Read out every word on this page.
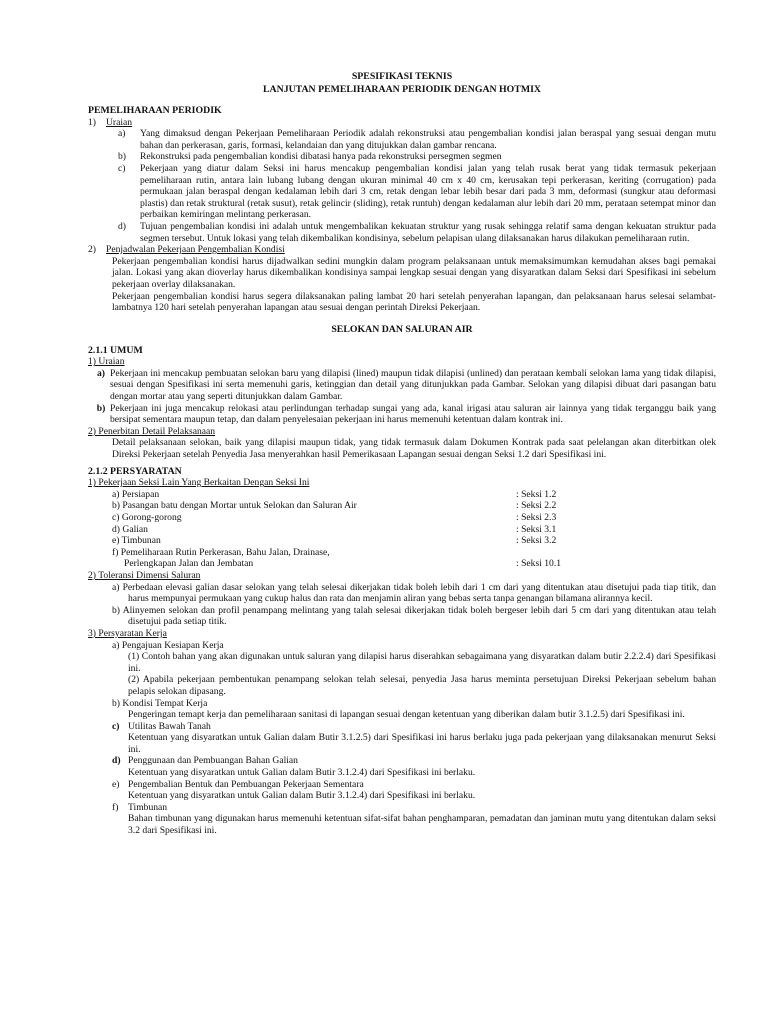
SPESIFIKASI TEKNIS
LANJUTAN PEMELIHARAAN PERIODIK DENGAN HOTMIX
PEMELIHARAAN PERIODIK
1)	Uraian
a)	Yang dimaksud dengan Pekerjaan Pemeliharaan Periodik adalah rekonstruksi atau pengembalian kondisi jalan beraspal yang sesuai dengan mutu bahan dan perkerasan, garis, formasi, kelandaian dan yang ditujukkan dalan gambar rencana.
b)	Rekonstruksi pada pengembalian kondisi dibatasi hanya pada rekonstruksi persegmen segmen
c)	Pekerjaan yang diatur dalam Seksi ini harus mencakup pengembalian kondisi jalan yang telah rusak berat yang tidak termasuk pekerjaan pemeliharaan rutin, antara lain lubang lubang dengan ukuran minimal 40 cm x 40 cm, kerusakan tepi perkerasan, keriting (corrugation) pada permukaan jalan beraspal dengan kedalaman lebih dari 3 cm, retak dengan lebar lebih besar dari pada 3 mm, deformasi (sungkur atau deformasi plastis) dan retak struktural (retak susut), retak gelincir (sliding), retak runtuh) dengan kedalaman alur lebih dari 20 mm, perataan setempat minor dan perbaikan kemiringan melintang perkerasan.
d)	Tujuan pengembalian kondisi ini adalah untuk mengembalikan kekuatan struktur yang rusak sehingga relatif sama dengan kekuatan struktur pada segmen tersebut. Untuk lokasi yang telah dikembalikan kondisinya, sebelum pelapisan ulang dilaksanakan harus dilakukan pemeliharaan rutin.
2)	Penjadwalan Pekerjaan Pengembalian Kondisi
Pekerjaan pengembalian kondisi harus dijadwalkan sedini mungkin dalam program pelaksanaan untuk memaksimumkan kemudahan akses bagi pemakai jalan. Lokasi yang akan dioverlay harus dikembalikan kondisinya sampai lengkap sesuai dengan yang disyaratkan dalam Seksi dari Spesifikasi ini sebelum pekerjaan overlay dilaksanakan.
Pekerjaan pengembalian kondisi harus segera dilaksanakan paling lambat 20 hari setelah penyerahan lapangan, dan pelaksanaan harus selesai selambat-lambatnya 120 hari setelah penyerahan lapangan atau sesuai dengan perintah Direksi Pekerjaan.
SELOKAN DAN SALURAN AIR
2.1.1 UMUM
1) Uraian
a) Pekerjaan ini mencakup pembuatan selokan baru yang dilapisi (lined) maupun tidak dilapisi (unlined) dan perataan kembali selokan lama yang tidak dilapisi, sesuai dengan Spesifikasi ini serta memenuhi garis, ketinggian dan detail yang ditunjukkan pada Gambar. Selokan yang dilapisi dibuat dari pasangan batu dengan mortar atau yang seperti ditunjukkan dalam Gambar.
b) Pekerjaan ini juga mencakup relokasi atau perlindungan terhadap sungai yang ada, kanal irigasi atau saluran air lainnya yang tidak terganggu baik yang bersipat sementara maupun tetap, dan dalam penyelesaian pekerjaan ini harus memenuhi ketentuan dalam kontrak ini.
2) Penerbitan Detail Pelaksanaan
Detail pelaksanaan selokan, baik yang dilapisi maupun tidak, yang tidak termasuk dalam Dokumen Kontrak pada saat pelelangan akan diterbitkan olek Direksi Pekerjaan setelah Penyedia Jasa menyerahkan hasil Pemerikasaan Lapangan sesuai dengan Seksi 1.2 dari Spesifikasi ini.
2.1.2 PERSYARATAN
1) Pekerjaan Seksi Lain Yang Berkaitan Dengan Seksi Ini
a) Persiapan	: Seksi 1.2
b) Pasangan batu dengan Mortar untuk Selokan dan Saluran Air	: Seksi 2.2
c) Gorong-gorong	: Seksi 2.3
d) Galian	: Seksi 3.1
e) Timbunan	: Seksi 3.2
f) Pemeliharaan Rutin Perkerasan, Bahu Jalan, Drainase,
Perlengkapan Jalan dan Jembatan	: Seksi 10.1
2) Toleransi Dimensi Saluran
a) Perbedaan elevasi galian dasar selokan yang telah selesai dikerjakan tidak boleh lebih dari 1 cm dari yang ditentukan atau disetujui pada tiap titik, dan harus mempunyai permukaan yang cukup halus dan rata dan menjamin aliran yang bebas serta tanpa genangan bilamana alirannya kecil.
b) Alinyemen selokan dan profil penampang melintang yang talah selesai dikerjakan tidak boleh bergeser lebih dari 5 cm dari yang ditentukan atau telah disetujui pada setiap titik.
3) Persyaratan Kerja
a) Pengajuan Kesiapan Kerja
(1) Contoh bahan yang akan digunakan untuk saluran yang dilapisi harus diserahkan sebagaimana yang disyaratkan dalam butir 2.2.2.4) dari Spesifikasi ini.
(2) Apabila pekerjaan pembentukan penampang selokan telah selesai, penyedia Jasa harus meminta persetujuan Direksi Pekerjaan sebelum bahan pelapis selokan dipasang.
b) Kondisi Tempat Kerja
Pengeringan temapt kerja dan pemeliharaan sanitasi di lapangan sesuai dengan ketentuan yang diberikan dalam butir 3.1.2.5) dari Spesifikasi ini.
c) Utilitas Bawah Tanah
Ketentuan yang disyaratkan untuk Galian dalam Butir 3.1.2.5) dari Spesifikasi ini harus berlaku juga pada pekerjaan yang dilaksanakan menurut Seksi ini.
d) Penggunaan dan Pembuangan Bahan Galian
Ketentuan yang disyaratkan untuk Galian dalam Butir 3.1.2.4) dari Spesifikasi ini berlaku.
e) Pengembalian Bentuk dan Pembuangan Pekerjaan Sementara
Ketentuan yang disyaratkan untuk Galian dalam Butir 3.1.2.4) dari Spesifikasi ini berlaku.
f)	Timbunan
Bahan timbunan yang digunakan harus memenuhi ketentuan sifat-sifat bahan penghamparan, pemadatan dan jaminan mutu yang ditentukan dalam seksi 3.2 dari Spesifikasi ini.
